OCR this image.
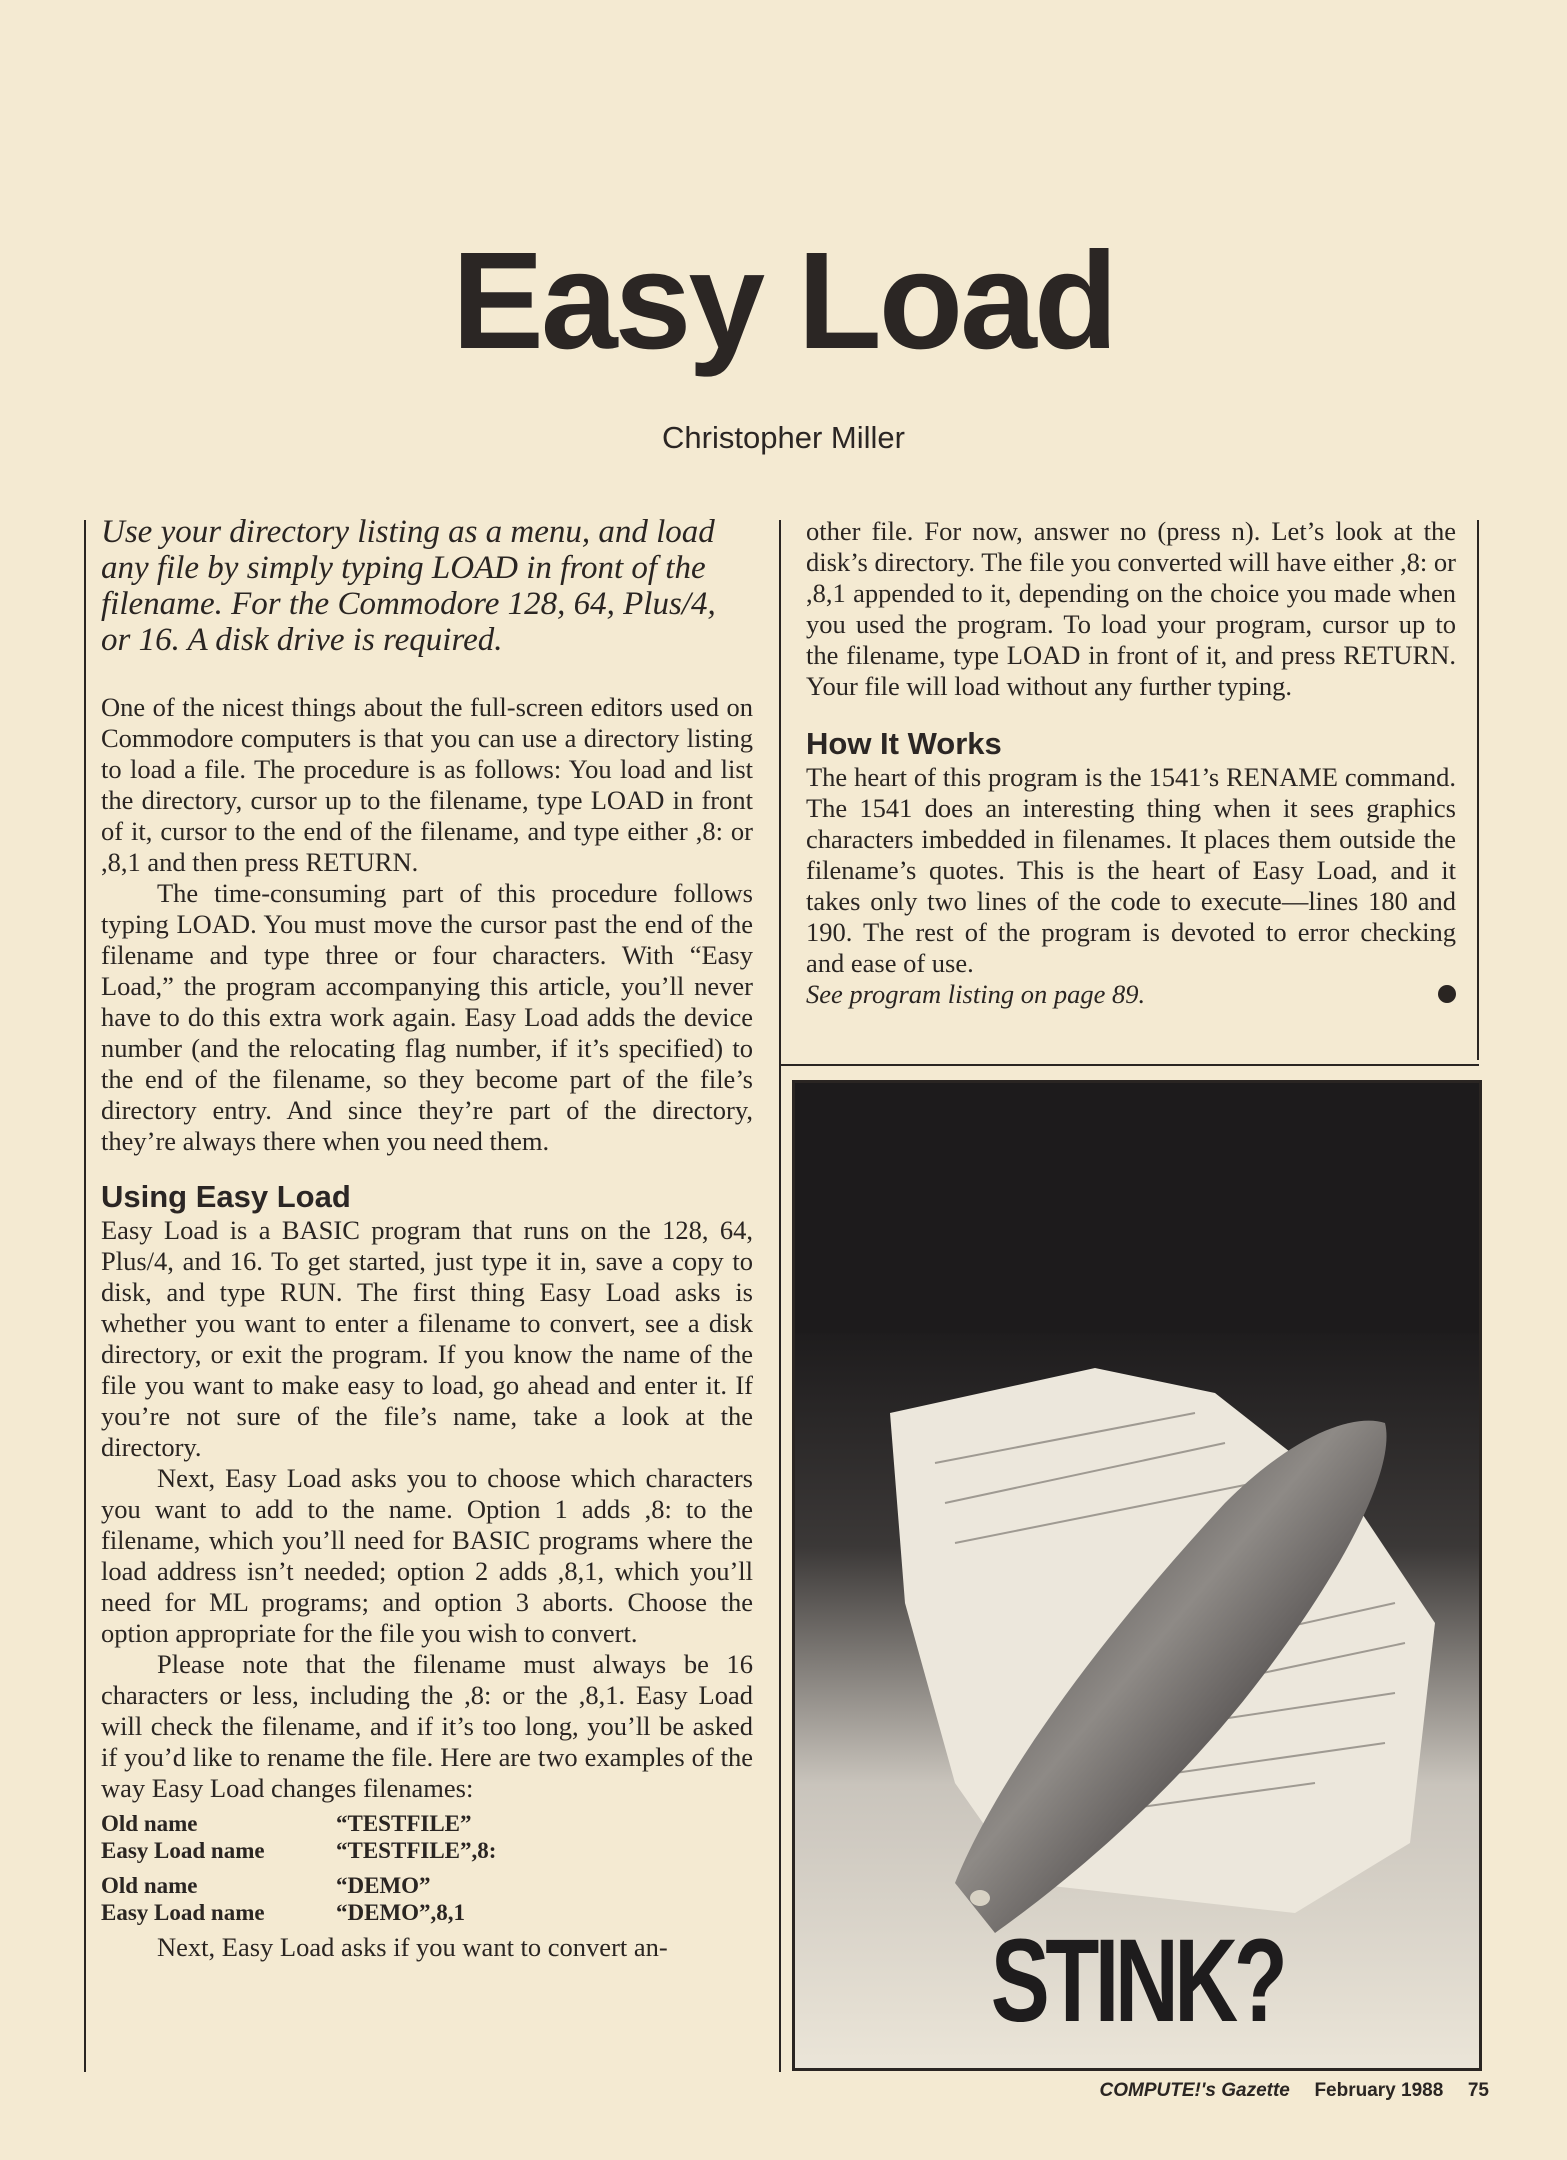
Easy Load
Christopher Miller

Use your directory listing as a menu, and load any file by simply typing LOAD in front of the filename. For the Commodore 128, 64, Plus/4, or 16. A disk drive is required.

One of the nicest things about the full-screen editors used on Commodore computers is that you can use a directory listing to load a file. The procedure is as follows: You load and list the directory, cursor up to the filename, type LOAD in front of it, cursor to the end of the filename, and type either ,8: or ,8,1 and then press RETURN.

The time-consuming part of this procedure follows typing LOAD. You must move the cursor past the end of the filename and type three or four characters. With “Easy Load,” the program accompanying this article, you’ll never have to do this extra work again. Easy Load adds the device number (and the relocating flag number, if it’s specified) to the end of the filename, so they become part of the file’s directory entry. And since they’re part of the directory, they’re always there when you need them.

Using Easy Load

Easy Load is a BASIC program that runs on the 128, 64, Plus/4, and 16. To get started, just type it in, save a copy to disk, and type RUN. The first thing Easy Load asks is whether you want to enter a filename to convert, see a disk directory, or exit the program. If you know the name of the file you want to make easy to load, go ahead and enter it. If you’re not sure of the file’s name, take a look at the directory.

Next, Easy Load asks you to choose which characters you want to add to the name. Option 1 adds ,8: to the filename, which you’ll need for BASIC programs where the load address isn’t needed; option 2 adds ,8,1, which you’ll need for ML programs; and option 3 aborts. Choose the option appropriate for the file you wish to convert.

Please note that the filename must always be 16 characters or less, including the ,8: or the ,8,1. Easy Load will check the filename, and if it’s too long, you’ll be asked if you’d like to rename the file. Here are two examples of the way Easy Load changes filenames:

Old name	“TESTFILE”
Easy Load name	“TESTFILE”,8:
Old name	“DEMO”
Easy Load name	“DEMO”,8,1

Next, Easy Load asks if you want to convert an-

other file. For now, answer no (press n). Let’s look at the disk’s directory. The file you converted will have either ,8: or ,8,1 appended to it, depending on the choice you made when you used the program. To load your program, cursor up to the filename, type LOAD in front of it, and press RETURN. Your file will load without any further typing.

How It Works

The heart of this program is the 1541’s RENAME command. The 1541 does an interesting thing when it sees graphics characters imbedded in filenames. It places them outside the filename’s quotes. This is the heart of Easy Load, and it takes only two lines of the code to execute—lines 180 and 190. The rest of the program is devoted to error checking and ease of use.

See program listing on page 89.

STINK?
COMPUTE!'s Gazette February 1988 75
